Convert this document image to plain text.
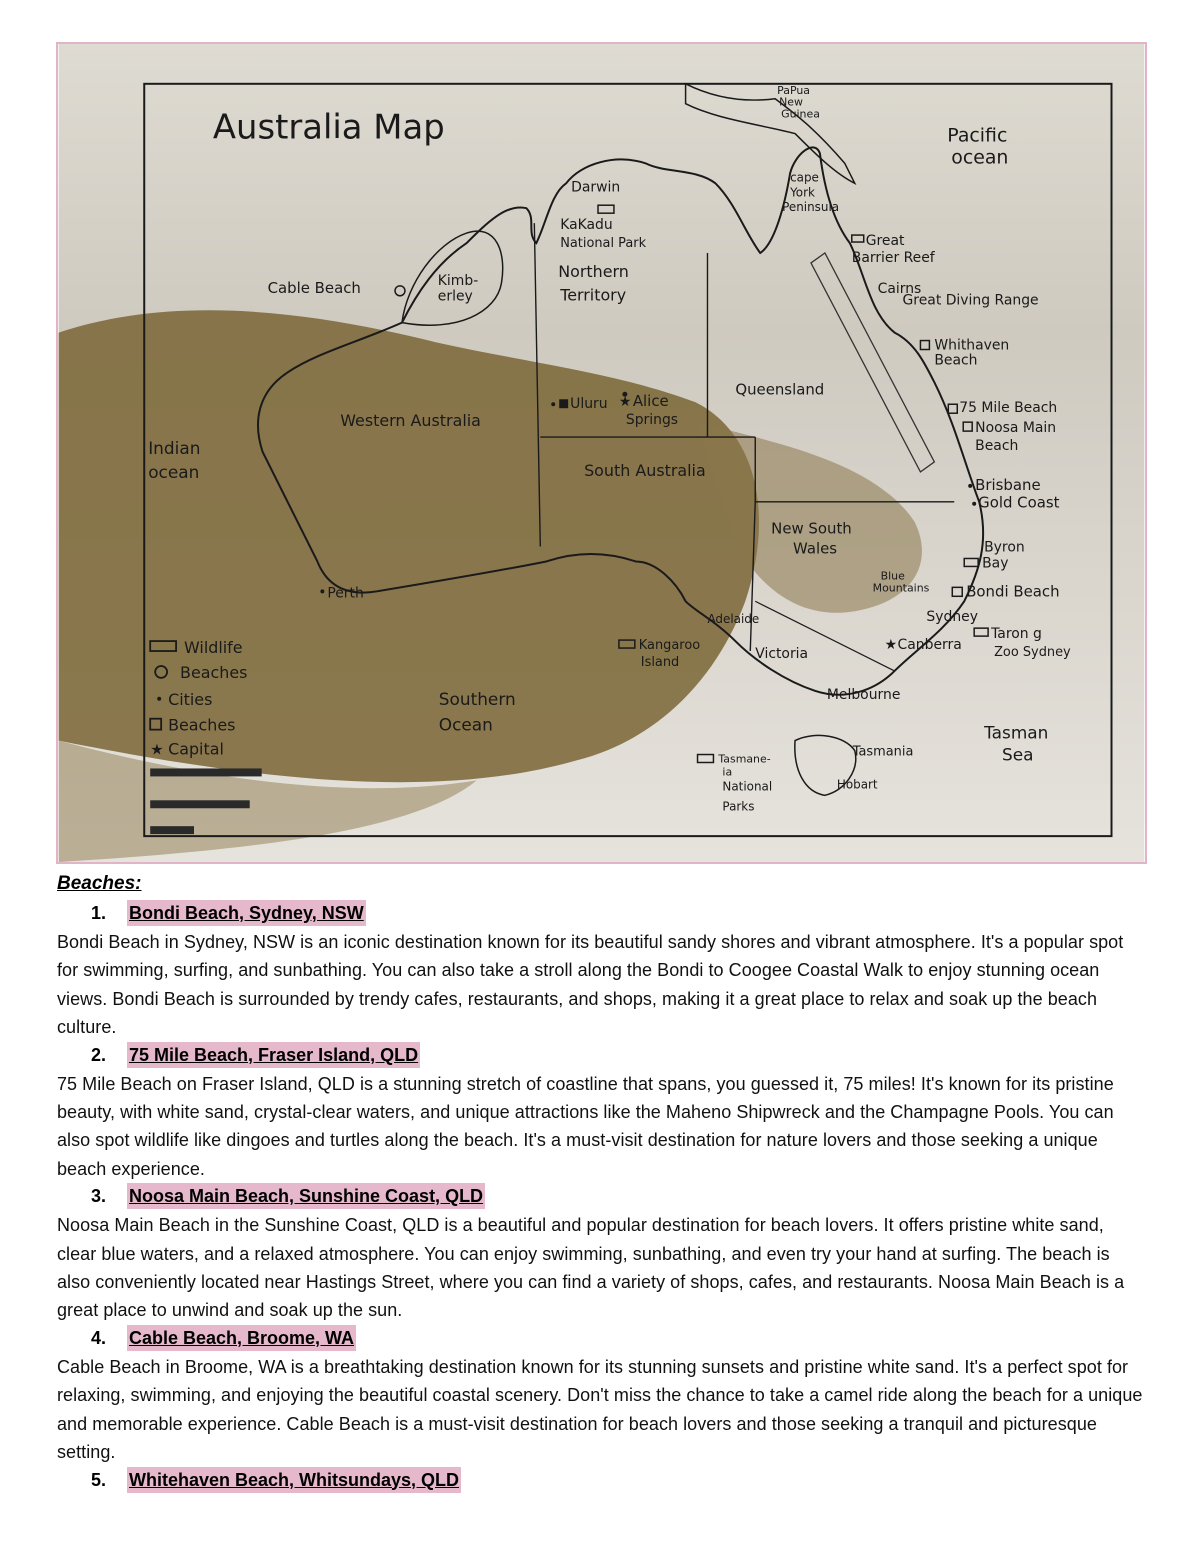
Australia Map	Pacific
ocean
Indian
ocean
Southern
Ocean	Tasman
Sea
PaPua
New
Guinea
Darwin
KaKadu
National Park
cape
York
Peninsula
Great
Barrier Reef
Cairns
Great Diving Range
Whithaven
Beach
75 Mile Beach
Noosa Main
Beach
Brisbane
Gold Coast
Byron
Bay
Bondi Beach
Blue
Mountains
Sydney
Taron g
Zoo Sydney
★ Canberra
Melbourne
Victoria
Adelaide
Kangaroo
Island
Tasmania
Hobart
Tasmane-
ia
National
Parks
Cable Beach	Kimb-
erley
Northern
Territory
Queensland
Western Australia
South Australia
New South
Wales
Uluru ★ Alice
Springs
Perth
Wildlife
Beaches
Cities
Beaches
★ Capital
Beaches:
1.	Bondi Beach, Sydney, NSW

Bondi Beach in Sydney, NSW is an iconic destination known for its beautiful sandy shores and vibrant atmosphere. It's a popular spot for swimming, surfing, and sunbathing. You can also take a stroll along the Bondi to Coogee Coastal Walk to enjoy stunning ocean views. Bondi Beach is surrounded by trendy cafes, restaurants, and shops, making it a great place to relax and soak up the beach culture.

2.	75 Mile Beach, Fraser Island, QLD

75 Mile Beach on Fraser Island, QLD is a stunning stretch of coastline that spans, you guessed it, 75 miles! It's known for its pristine beauty, with white sand, crystal-clear waters, and unique attractions like the Maheno Shipwreck and the Champagne Pools. You can also spot wildlife like dingoes and turtles along the beach. It's a must-visit destination for nature lovers and those seeking a unique beach experience.

3.	Noosa Main Beach, Sunshine Coast, QLD

Noosa Main Beach in the Sunshine Coast, QLD is a beautiful and popular destination for beach lovers. It offers pristine white sand, clear blue waters, and a relaxed atmosphere. You can enjoy swimming, sunbathing, and even try your hand at surfing. The beach is also conveniently located near Hastings Street, where you can find a variety of shops, cafes, and restaurants. Noosa Main Beach is a great place to unwind and soak up the sun.

4.	Cable Beach, Broome, WA

Cable Beach in Broome, WA is a breathtaking destination known for its stunning sunsets and pristine white sand. It's a perfect spot for relaxing, swimming, and enjoying the beautiful coastal scenery. Don't miss the chance to take a camel ride along the beach for a unique and memorable experience. Cable Beach is a must-visit destination for beach lovers and those seeking a tranquil and picturesque setting.

5.	Whitehaven Beach, Whitsundays, QLD
